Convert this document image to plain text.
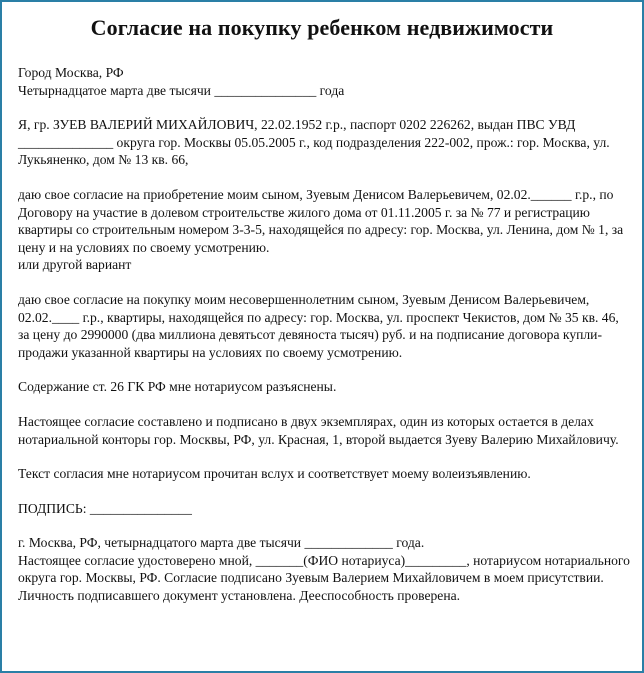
Согласие на покупку ребенком недвижимости

Город Москва, РФ

Четырнадцатое марта две тысячи _______________ года

Я, гр. ЗУЕВ ВАЛЕРИЙ МИХАЙЛОВИЧ, 22.02.1952 г.р., паспорт 0202 226262, выдан ПВС УВД ______________ округа гор. Москвы 05.05.2005 г., код подразделения 222-002, прож.: гор. Москва, ул. Лукьяненко, дом № 13 кв. 66,

даю свое согласие на приобретение моим сыном, Зуевым Денисом Валерьевичем, 02.02.______ г.р., по Договору на участие в долевом строительстве жилого дома от 01.11.2005 г. за № 77 и регистрацию квартиры со строительным номером 3-3-5, находящейся по адресу: гор. Москва, ул. Ленина, дом № 1, за цену и на условиях по своему усмотрению.

или другой вариант

даю свое согласие на покупку моим несовершеннолетним сыном, Зуевым Денисом Валерьевичем, 02.02.____ г.р., квартиры, находящейся по адресу: гор. Москва, ул. проспект Чекистов, дом № 35 кв. 46, за цену до 2990000 (два миллиона девятьсот девяноста тысяч) руб. и на подписание договора купли-продажи указанной квартиры на условиях по своему усмотрению.

Содержание ст. 26 ГК РФ мне нотариусом разъяснены.

Настоящее согласие составлено и подписано в двух экземплярах, один из которых остается в делах нотариальной конторы гор. Москвы, РФ, ул. Красная, 1, второй выдается Зуеву Валерию Михайловичу.

Текст согласия мне нотариусом прочитан вслух и соответствует моему волеизъявлению.

ПОДПИСЬ: _______________

г. Москва, РФ, четырнадцатого марта две тысячи _____________ года.

Настоящее согласие удостоверено мной, _______(ФИО нотариуса)_________, нотариусом нотариального округа гор. Москвы, РФ. Согласие подписано Зуевым Валерием Михайловичем в моем присутствии. Личность подписавшего документ установлена. Дееспособность проверена.
